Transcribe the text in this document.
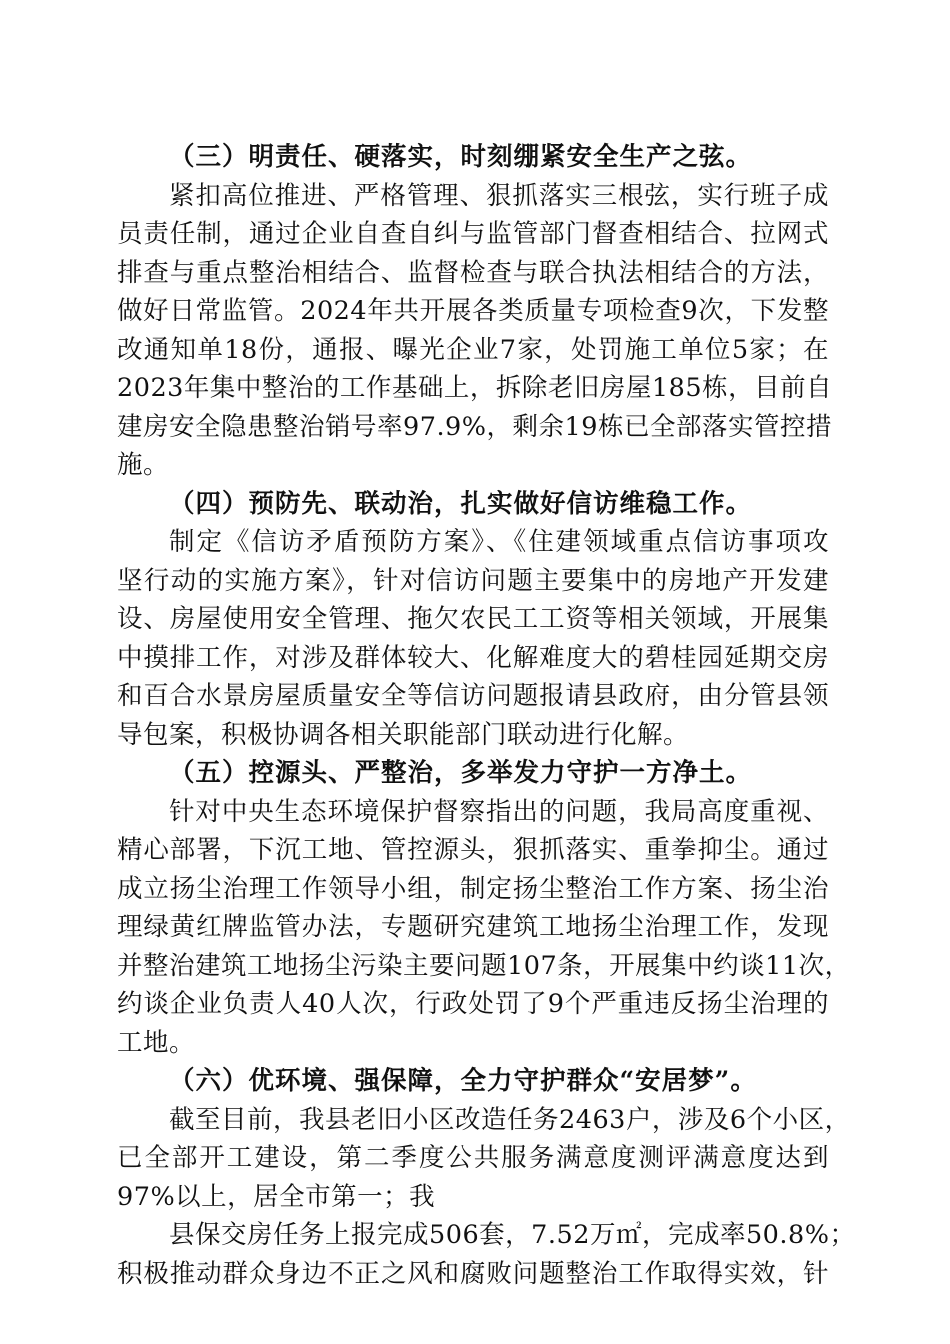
（三）明责任、硬落实，时刻绷紧安全生产之弦。
紧扣高位推进、严格管理、狠抓落实三根弦，实行班子成
员责任制，通过企业自查自纠与监管部门督查相结合、拉网式
排查与重点整治相结合、监督检查与联合执法相结合的方法，
做好日常监管。2024年共开展各类质量专项检查9次，下发整
改通知单18份，通报、曝光企业7家，处罚施工单位5家；在
2023年集中整治的工作基础上，拆除老旧房屋185栋，目前自
建房安全隐患整治销号率97.9%，剩余19栋已全部落实管控措
施。
（四）预防先、联动治，扎实做好信访维稳工作。
制定《信访矛盾预防方案》、《住建领域重点信访事项攻
坚行动的实施方案》，针对信访问题主要集中的房地产开发建
设、房屋使用安全管理、拖欠农民工工资等相关领域，开展集
中摸排工作，对涉及群体较大、化解难度大的碧桂园延期交房
和百合水景房屋质量安全等信访问题报请县政府，由分管县领
导包案，积极协调各相关职能部门联动进行化解。
（五）控源头、严整治，多举发力守护一方净土。
针对中央生态环境保护督察指出的问题，我局高度重视、
精心部署，下沉工地、管控源头，狠抓落实、重拳抑尘。通过
成立扬尘治理工作领导小组，制定扬尘整治工作方案、扬尘治
理绿黄红牌监管办法，专题研究建筑工地扬尘治理工作，发现
并整治建筑工地扬尘污染主要问题107条，开展集中约谈11次，
约谈企业负责人40人次，行政处罚了9个严重违反扬尘治理的
工地。
（六）优环境、强保障，全力守护群众“安居梦”。
截至目前，我县老旧小区改造任务2463户，涉及6个小区，
已全部开工建设，第二季度公共服务满意度测评满意度达到
97%以上，居全市第一；我
县保交房任务上报完成506套，7.52万㎡，完成率50.8%；
积极推动群众身边不正之风和腐败问题整治工作取得实效，针
